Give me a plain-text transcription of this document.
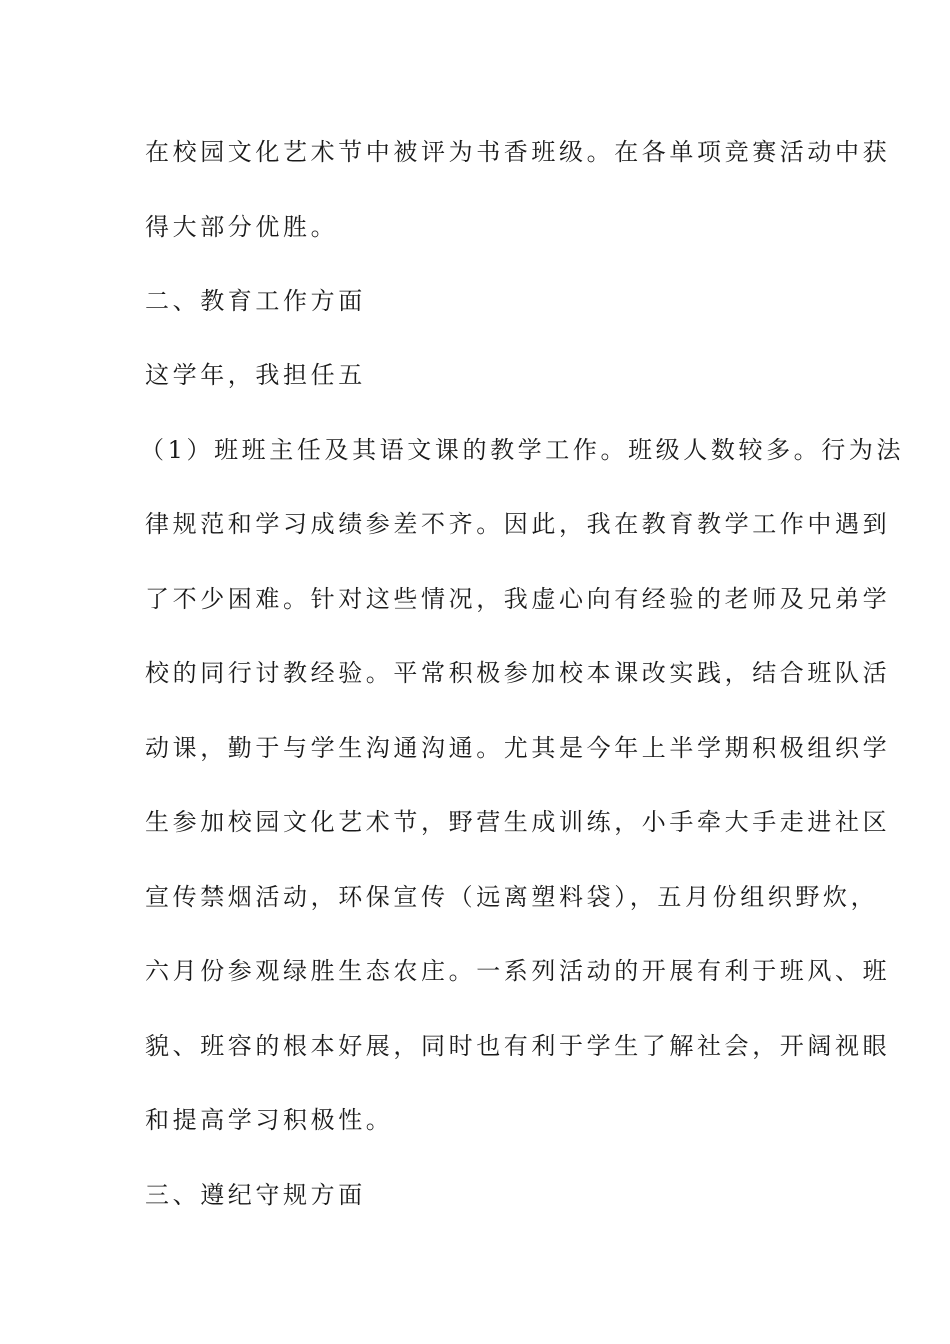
在校园文化艺术节中被评为书香班级。在各单项竞赛活动中获
得大部分优胜。
二、教育工作方面
这学年，我担任五
（1）班班主任及其语文课的教学工作。班级人数较多。行为法
律规范和学习成绩参差不齐。因此，我在教育教学工作中遇到
了不少困难。针对这些情况，我虚心向有经验的老师及兄弟学
校的同行讨教经验。平常积极参加校本课改实践，结合班队活
动课，勤于与学生沟通沟通。尤其是今年上半学期积极组织学
生参加校园文化艺术节，野营生成训练，小手牵大手走进社区
宣传禁烟活动，环保宣传（远离塑料袋），五月份组织野炊，
六月份参观绿胜生态农庄。一系列活动的开展有利于班风、班
貌、班容的根本好展，同时也有利于学生了解社会，开阔视眼
和提高学习积极性。
三、遵纪守规方面
